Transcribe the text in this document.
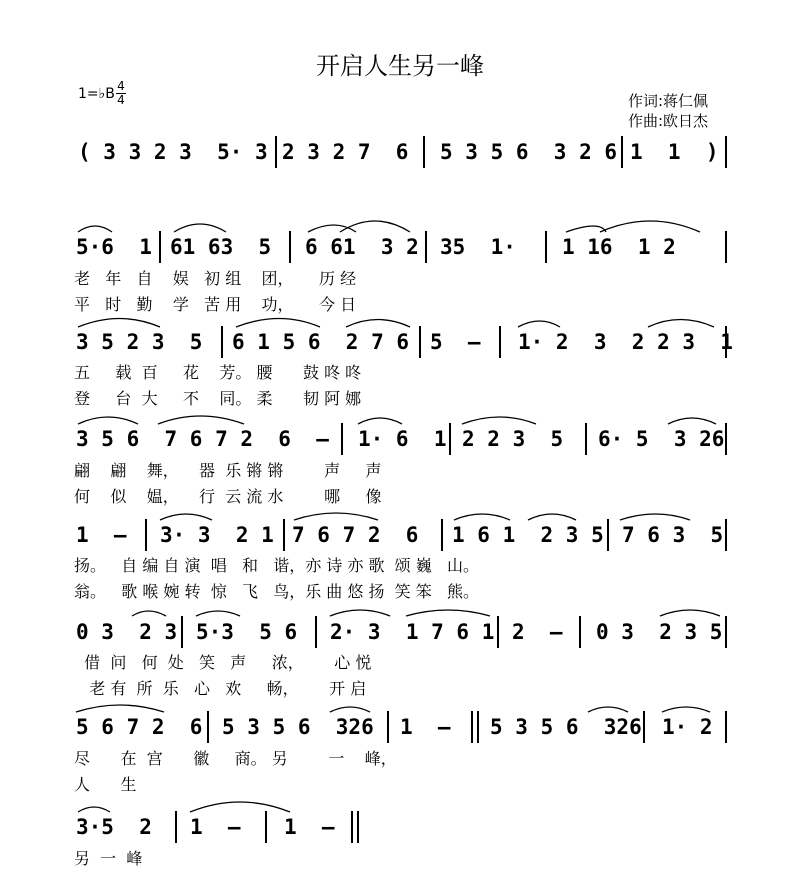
开启人生另一峰
1=♭B 4
4	作词:蒋仁佩
作曲:欧日杰
( 3 3 2 3  5· 3 2 3 2 7  6 5 3 5 6  3 2 6 1  1  )
5·6  1 61 63  5 6 61  3 2 35  1· 1 16  1 2
老   年   自    娱   初 组    团，     历 经
平   时   勤    学   苦 用    功，     今 日
3 5 2 3  5 6 1 5 6  2 7 6 5  – 1· 2  3  2 2 3  1
五     载  百     花    芳。 腰      鼓 咚 咚
登     台  大     不    同。 柔      韧 阿 娜
3 5 6  7 6 7 2  6  – 1· 6  1 2 2 3  5 6· 5  3 26
翩    翩    舞，    器  乐 锵 锵        声     声
何    似    媪，    行  云 流 水        哪     像
1  – 3· 3  2 1 7 6 7 2  6 1 6 1  2 3 5 7 6 3  5
扬。   自 编 自 演  唱   和   谐，亦 诗 亦 歌  颂 巍   山。
翁。   歌 喉 婉 转  惊   飞   鸟，乐 曲 悠 扬  笑 笨   熊。
0 3  2 3 5·3  5 6 2· 3  1 7 6 1 2  – 0 3  2 3 5
借  问   何  处   笑   声     浓，      心 悦
老 有  所  乐   心   欢     畅，      开 启
5 6 7 2  6 5 3 5 6  326 1  – 5 3 5 6  326 1· 2
尽      在  宫      徽     商。 另        一    峰，
人      生
3·5  2 1  – 1  –
另  一  峰
